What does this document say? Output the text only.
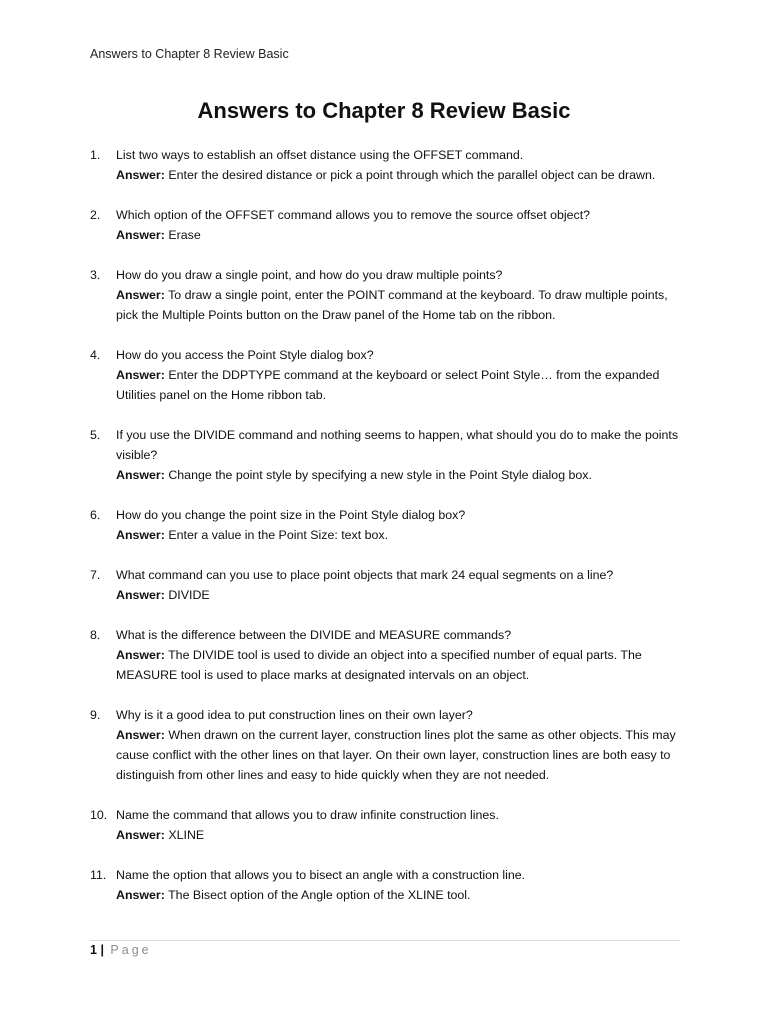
Answers to Chapter 8 Review Basic
Answers to Chapter 8 Review Basic
1. List two ways to establish an offset distance using the OFFSET command.
Answer: Enter the desired distance or pick a point through which the parallel object can be drawn.
2. Which option of the OFFSET command allows you to remove the source offset object?
Answer: Erase
3. How do you draw a single point, and how do you draw multiple points?
Answer: To draw a single point, enter the POINT command at the keyboard. To draw multiple points, pick the Multiple Points button on the Draw panel of the Home tab on the ribbon.
4. How do you access the Point Style dialog box?
Answer: Enter the DDPTYPE command at the keyboard or select Point Style… from the expanded Utilities panel on the Home ribbon tab.
5. If you use the DIVIDE command and nothing seems to happen, what should you do to make the points visible?
Answer: Change the point style by specifying a new style in the Point Style dialog box.
6. How do you change the point size in the Point Style dialog box?
Answer: Enter a value in the Point Size: text box.
7. What command can you use to place point objects that mark 24 equal segments on a line?
Answer: DIVIDE
8. What is the difference between the DIVIDE and MEASURE commands?
Answer: The DIVIDE tool is used to divide an object into a specified number of equal parts. The MEASURE tool is used to place marks at designated intervals on an object.
9. Why is it a good idea to put construction lines on their own layer?
Answer: When drawn on the current layer, construction lines plot the same as other objects. This may cause conflict with the other lines on that layer. On their own layer, construction lines are both easy to distinguish from other lines and easy to hide quickly when they are not needed.
10. Name the command that allows you to draw infinite construction lines.
Answer: XLINE
11. Name the option that allows you to bisect an angle with a construction line.
Answer: The Bisect option of the Angle option of the XLINE tool.
1 | Page
